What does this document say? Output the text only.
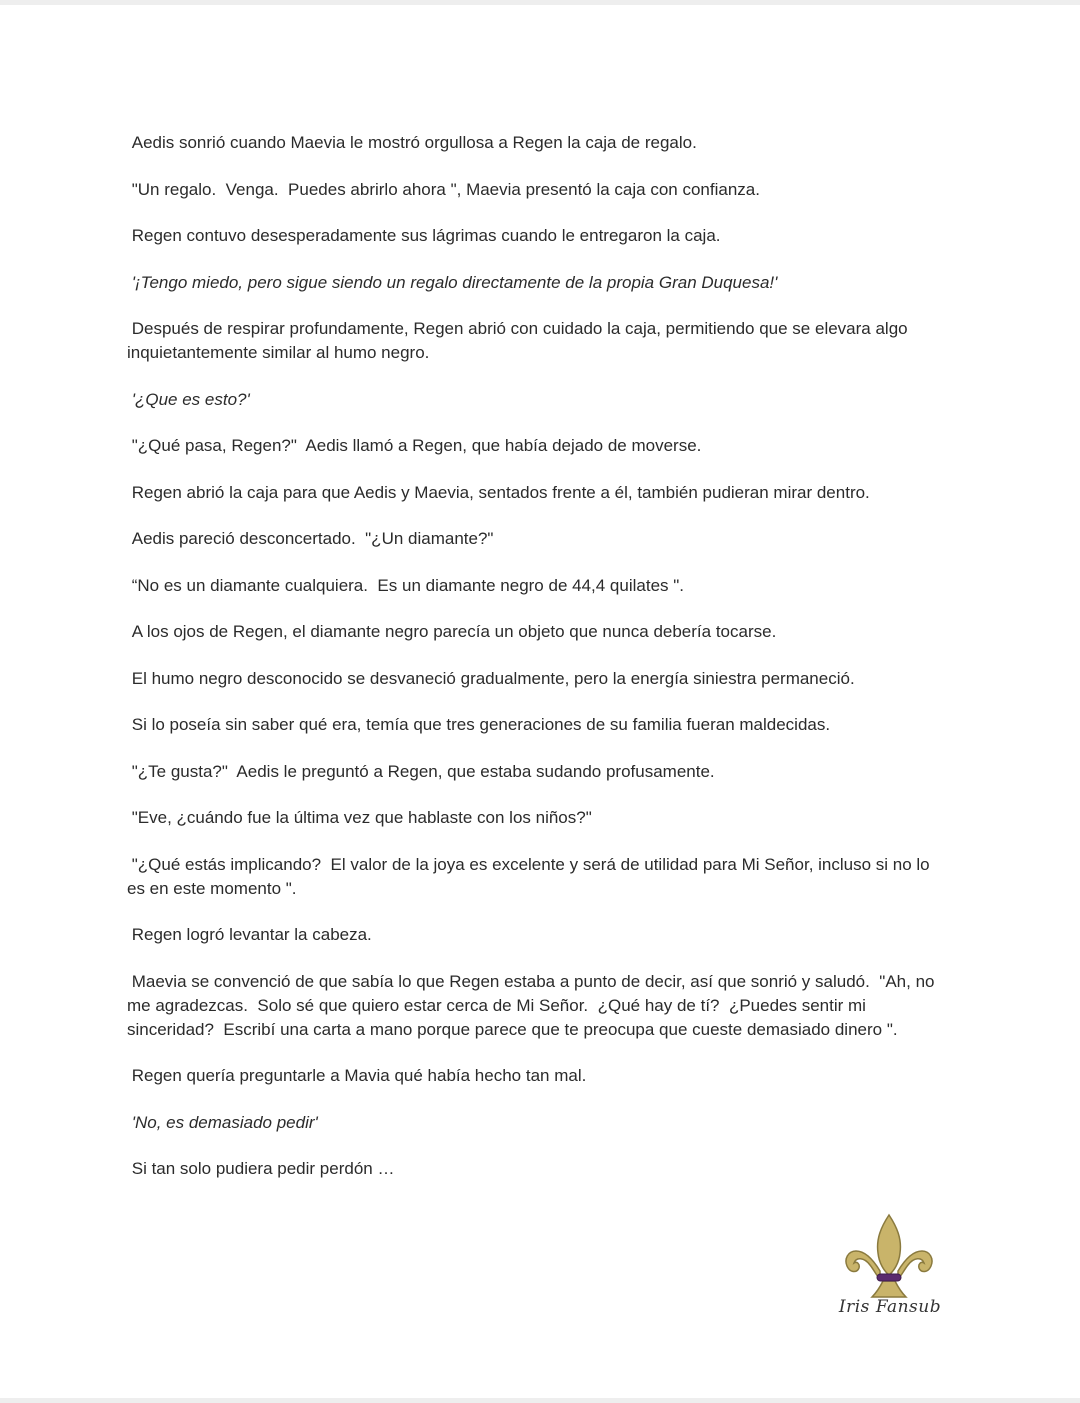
Aedis sonrió cuando Maevia le mostró orgullosa a Regen la caja de regalo.

"Un regalo.  Venga.  Puedes abrirlo ahora ", Maevia presentó la caja con confianza.

Regen contuvo desesperadamente sus lágrimas cuando le entregaron la caja.

'¡Tengo miedo, pero sigue siendo un regalo directamente de la propia Gran Duquesa!'

Después de respirar profundamente, Regen abrió con cuidado la caja, permitiendo que se elevara algo inquietantemente similar al humo negro.

'¿Que es esto?'

"¿Qué pasa, Regen?"  Aedis llamó a Regen, que había dejado de moverse.

Regen abrió la caja para que Aedis y Maevia, sentados frente a él, también pudieran mirar dentro.

Aedis pareció desconcertado.  "¿Un diamante?"

“No es un diamante cualquiera.  Es un diamante negro de 44,4 quilates ".

A los ojos de Regen, el diamante negro parecía un objeto que nunca debería tocarse.

El humo negro desconocido se desvaneció gradualmente, pero la energía siniestra permaneció.

Si lo poseía sin saber qué era, temía que tres generaciones de su familia fueran maldecidas.

"¿Te gusta?"  Aedis le preguntó a Regen, que estaba sudando profusamente.

"Eve, ¿cuándo fue la última vez que hablaste con los niños?"

"¿Qué estás implicando?  El valor de la joya es excelente y será de utilidad para Mi Señor, incluso si no lo es en este momento ".

Regen logró levantar la cabeza.

Maevia se convenció de que sabía lo que Regen estaba a punto de decir, así que sonrió y saludó.  "Ah, no me agradezcas.  Solo sé que quiero estar cerca de Mi Señor.  ¿Qué hay de tí?  ¿Puedes sentir mi sinceridad?  Escribí una carta a mano porque parece que te preocupa que cueste demasiado dinero ".

Regen quería preguntarle a Mavia qué había hecho tan mal.

'No, es demasiado pedir'

Si tan solo pudiera pedir perdón …

Iris Fansub
